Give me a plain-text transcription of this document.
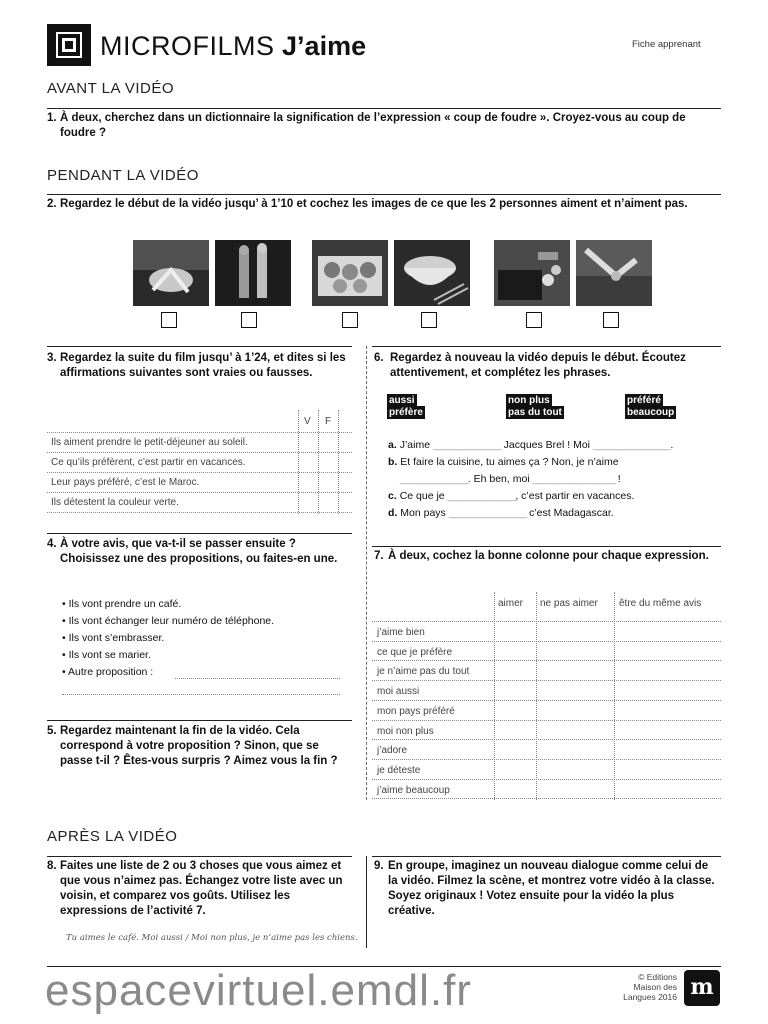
MICROFILMS J’aime	Fiche apprenant
AVANT LA VIDÉO
1. À deux, cherchez dans un dictionnaire la signification de l’expression « coup de foudre ». Croyez-vous au coup de foudre ?
PENDANT LA VIDÉO
2. Regardez le début de la vidéo jusqu’ à 1’10 et cochez les images de ce que les 2 personnes aiment et n’aiment pas.
3. Regardez la suite du film jusqu’ à 1’24, et dites si les affirmations suivantes sont vraies ou fausses.
V F
Ils aiment prendre le petit-déjeuner au soleil.
Ce qu’ils préfèrent, c’est partir en vacances.
Leur pays préféré, c’est le Maroc.
Ils détestent la couleur verte.
4. À votre avis, que va-t-il se passer ensuite ? Choisissez une des propositions, ou faites-en une.
• Ils vont prendre un café.
• Ils vont échanger leur numéro de téléphone.
• Ils vont s’embrasser.
• Ils vont se marier.
• Autre proposition :
5. Regardez maintenant la fin de la vidéo. Cela correspond à votre proposition ? Sinon, que se passe t-il ? Êtes-vous surpris ? Aimez vous la fin ?
6. Regardez à nouveau la vidéo depuis le début. Écoutez attentivement, et complétez les phrases.
aussi
préfère
non plus
pas du tout
préféré
beaucoup
a. J’aime ______________ Jacques Brel ! Moi ________________.
b. Et faire la cuisine, tu aimes ça ? Non, je n’aime
______________. Eh ben, moi _________________ !
c. Ce que je ______________, c’est partir en vacances.
d. Mon pays ________________ c’est Madagascar.
7. À deux, cochez la bonne colonne pour chaque expression.
aimer ne pas aimer être du même avis
j’aime bien
ce que je préfère
je n’aime pas du tout
moi aussi
mon pays préféré
moi non plus
j’adore
je déteste
j’aime beaucoup
APRÈS LA VIDÉO
8. Faites une liste de 2 ou 3 choses que vous aimez et que vous n’aimez pas. Échangez votre liste avec un voisin, et comparez vos goûts. Utilisez les expressions de l’activité 7.
Tu aimes le café. Moi aussi / Moi non plus, je n’aime pas les chiens.
9. En groupe, imaginez un nouveau dialogue comme celui de la vidéo. Filmez la scène, et montrez votre vidéo à la classe. Soyez originaux ! Votez ensuite pour la vidéo la plus créative.
espacevirtuel.emdl.fr	© Editions
Maison des
Langues 2016 m
